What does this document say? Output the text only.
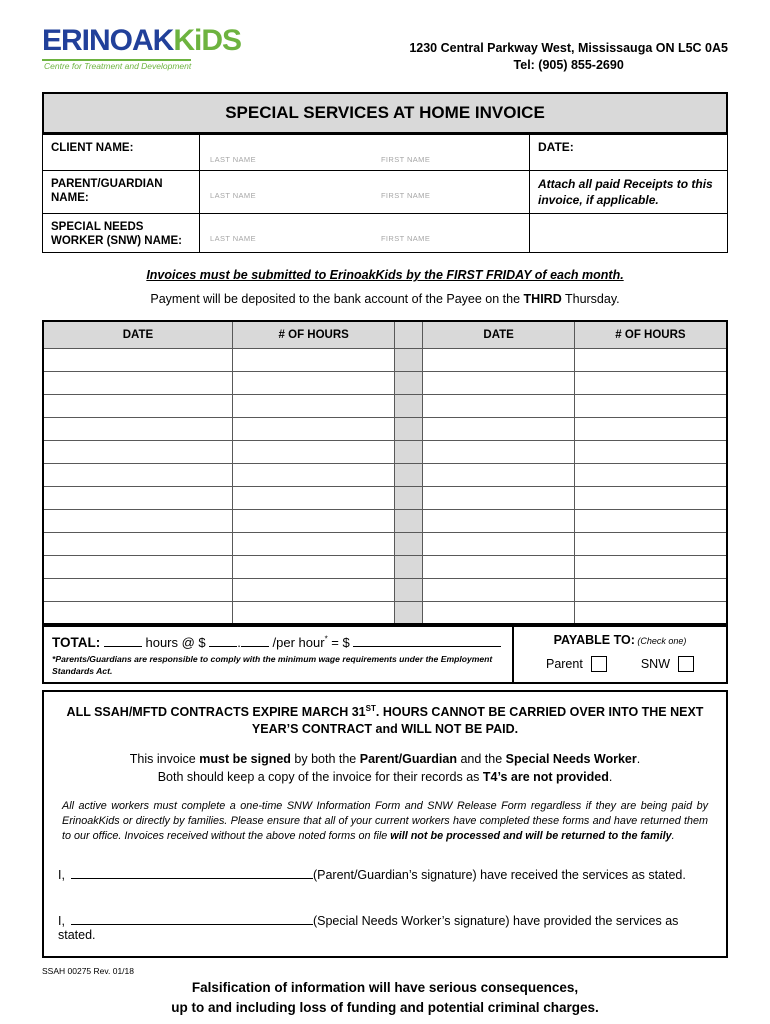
ERINOAKKiDS
Centre for Treatment and Development
1230 Central Parkway West, Mississauga ON L5C 0A5
Tel: (905) 855-2690
SPECIAL SERVICES AT HOME INVOICE
CLIENT NAME:	LAST NAME FIRST NAME	DATE:
PARENT/GUARDIAN NAME:	LAST NAME FIRST NAME	Attach all paid Receipts to this invoice, if applicable.
SPECIAL NEEDS WORKER (SNW) NAME:	LAST NAME FIRST NAME	

Invoices must be submitted to ErinoakKids by the FIRST FRIDAY of each month.
Payment will be deposited to the bank account of the Payee on the THIRD Thursday.
DATE	# OF HOURS		DATE	# OF HOURS

TOTAL:	hours @ $ . /per hour* = $
*Parents/Guardians are responsible to comply with the minimum wage requirements under the Employment Standards Act.

PAYABLE TO: (Check one)
Parent	SNW
ALL SSAH/MFTD CONTRACTS EXPIRE MARCH 31ST. HOURS CANNOT BE CARRIED OVER INTO THE NEXT YEAR’S CONTRACT and WILL NOT BE PAID.
This invoice must be signed by both the Parent/Guardian and the Special Needs Worker.
Both should keep a copy of the invoice for their records as T4’s are not provided.
All active workers must complete a one-time SNW Information Form and SNW Release Form regardless if they are being paid by ErinoakKids or directly by families. Please ensure that all of your current workers have completed these forms and have returned them to our office. Invoices received without the above noted forms on file will not be processed and will be returned to the family.
I,	(Parent/Guardian’s signature) have received the services as stated.
I,	(Special Needs Worker’s signature) have provided the services as stated.
SSAH 00275 Rev. 01/18
Falsification of information will have serious consequences,
up to and including loss of funding and potential criminal charges.
